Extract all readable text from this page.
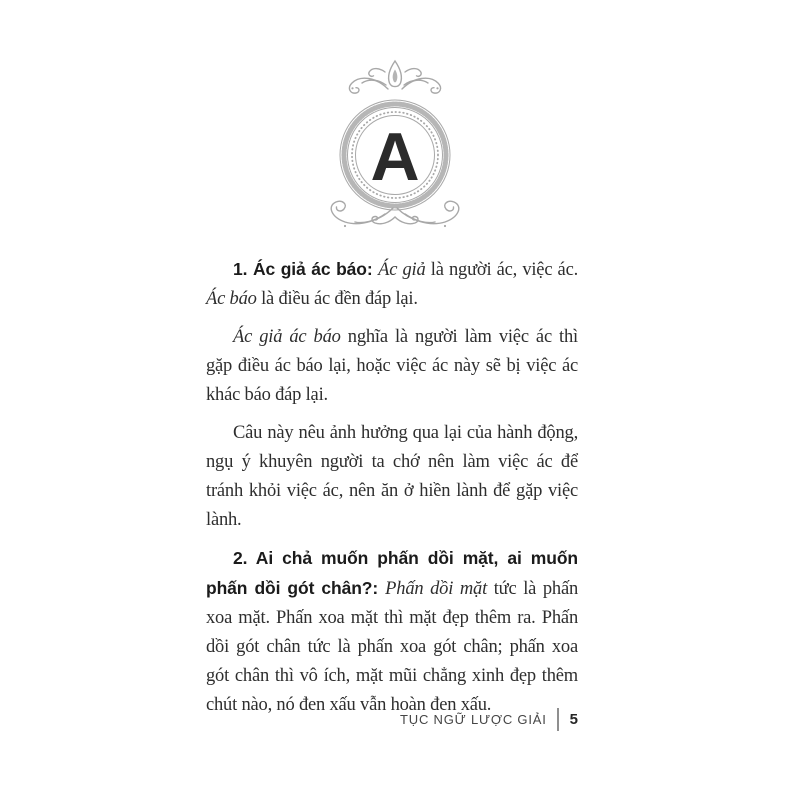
A

1. Ác giả ác báo: Ác giả là người ác, việc ác. Ác báo là điều ác đền đáp lại.

Ác giả ác báo nghĩa là người làm việc ác thì gặp điều ác báo lại, hoặc việc ác này sẽ bị việc ác khác báo đáp lại.

Câu này nêu ảnh hưởng qua lại của hành động, ngụ ý khuyên người ta chớ nên làm việc ác để tránh khỏi việc ác, nên ăn ở hiền lành để gặp việc lành.

2. Ai chả muốn phấn dồi mặt, ai muốn phấn dồi gót chân?: Phấn dồi mặt tức là phấn xoa mặt. Phấn xoa mặt thì mặt đẹp thêm ra. Phấn dồi gót chân tức là phấn xoa gót chân; phấn xoa gót chân thì vô ích, mặt mũi chẳng xinh đẹp thêm chút nào, nó đen xấu vẫn hoàn đen xấu.

TỤC NGỮ LƯỢC GIẢI 5
